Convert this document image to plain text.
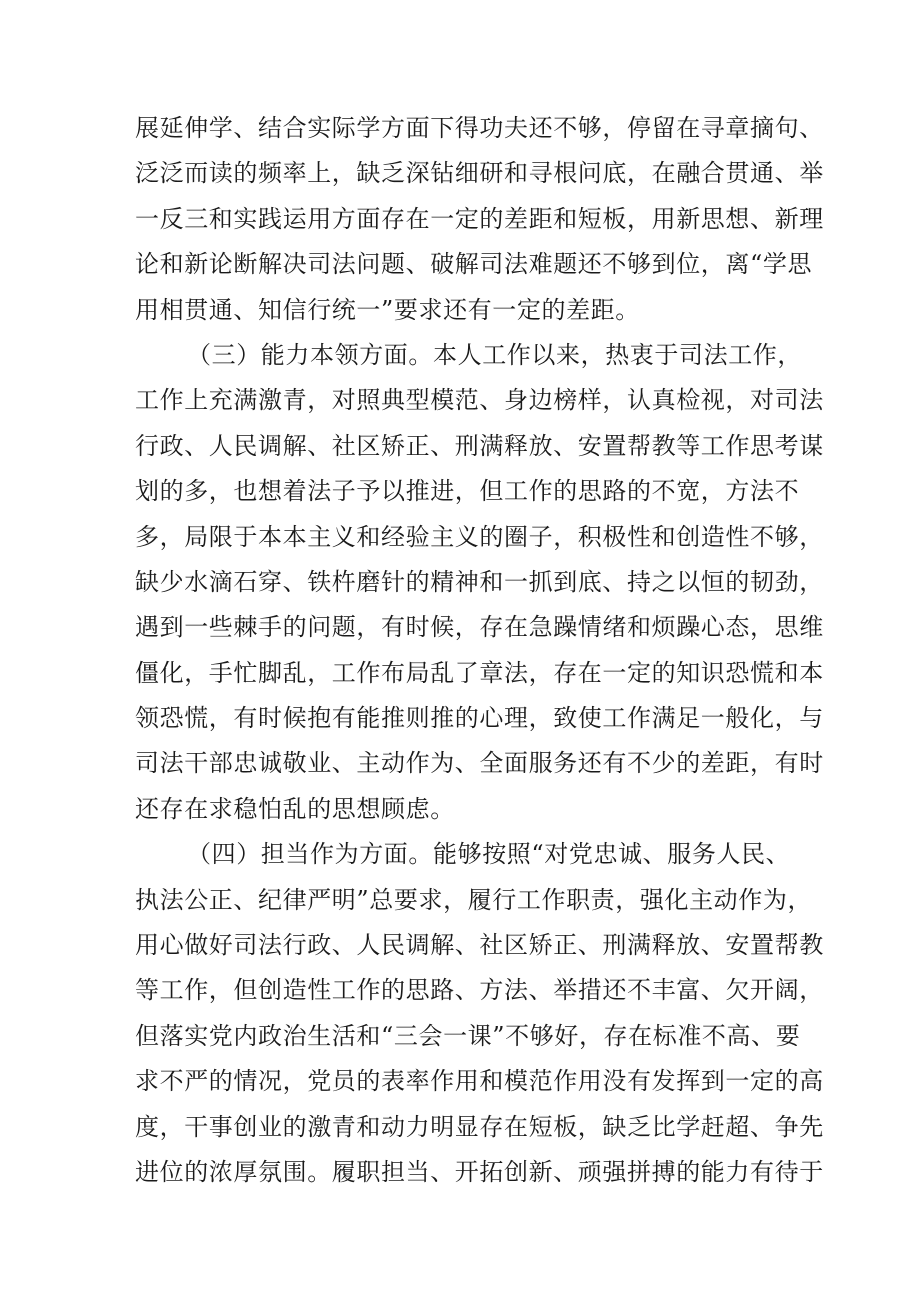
展延伸学、结合实际学方面下得功夫还不够，停留在寻章摘句、
泛泛而读的频率上，缺乏深钻细研和寻根问底，在融合贯通、举
一反三和实践运用方面存在一定的差距和短板，用新思想、新理
论和新论断解决司法问题、破解司法难题还不够到位，离“学思
用相贯通、知信行统一”要求还有一定的差距。
（三）能力本领方面。本人工作以来，热衷于司法工作，
工作上充满激青，对照典型模范、身边榜样，认真检视，对司法
行政、人民调解、社区矫正、刑满释放、安置帮教等工作思考谋
划的多，也想着法子予以推进，但工作的思路的不宽，方法不
多，局限于本本主义和经验主义的圈子，积极性和创造性不够，
缺少水滴石穿、铁杵磨针的精神和一抓到底、持之以恒的韧劲，
遇到一些棘手的问题，有时候，存在急躁情绪和烦躁心态，思维
僵化，手忙脚乱，工作布局乱了章法，存在一定的知识恐慌和本
领恐慌，有时候抱有能推则推的心理，致使工作满足一般化，与
司法干部忠诚敬业、主动作为、全面服务还有不少的差距，有时
还存在求稳怕乱的思想顾虑。
（四）担当作为方面。能够按照“对党忠诚、服务人民、
执法公正、纪律严明”总要求，履行工作职责，强化主动作为，
用心做好司法行政、人民调解、社区矫正、刑满释放、安置帮教
等工作，但创造性工作的思路、方法、举措还不丰富、欠开阔，
但落实党内政治生活和“三会一课”不够好，存在标准不高、要
求不严的情况，党员的表率作用和模范作用没有发挥到一定的高
度，干事创业的激青和动力明显存在短板，缺乏比学赶超、争先
进位的浓厚氛围。履职担当、开拓创新、顽强拼搏的能力有待于
